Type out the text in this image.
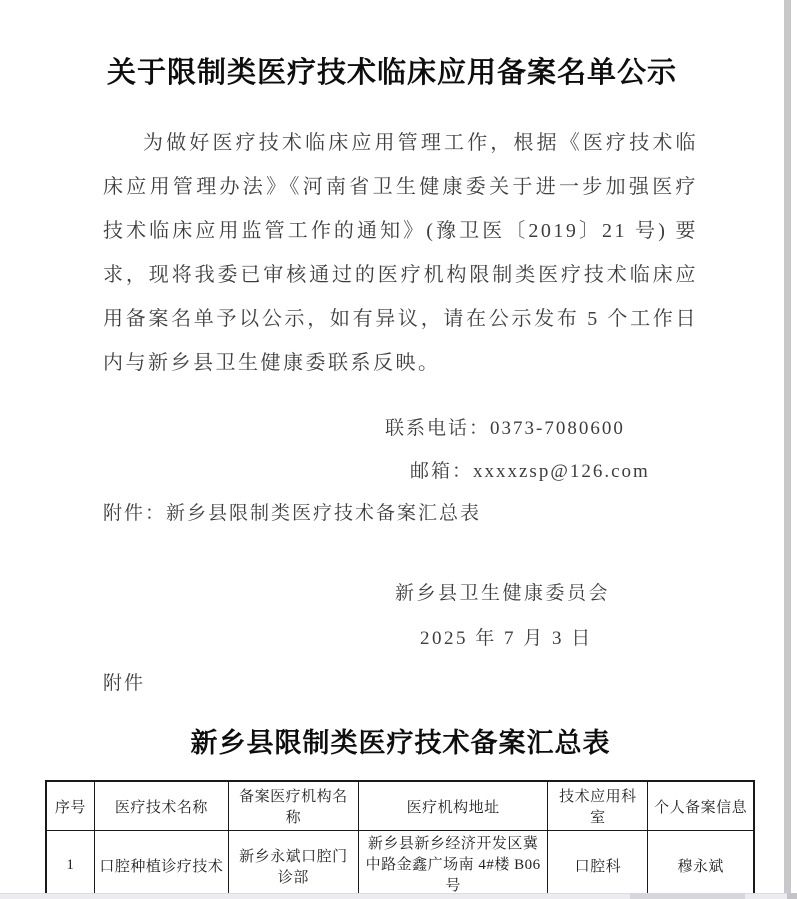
关于限制类医疗技术临床应用备案名单公示

为做好医疗技术临床应用管理工作，根据《医疗技术临床应用管理办法》《河南省卫生健康委关于进一步加强医疗技术临床应用监管工作的通知》(豫卫医〔2019〕21 号) 要求，现将我委已审核通过的医疗机构限制类医疗技术临床应用备案名单予以公示，如有异议，请在公示发布 5 个工作日内与新乡县卫生健康委联系反映。

联系电话：0373-7080600
邮箱：xxxxzsp@126.com
附件：新乡县限制类医疗技术备案汇总表
新乡县卫生健康委员会
2025 年 7 月 3 日
附件
新乡县限制类医疗技术备案汇总表
序号	医疗技术名称	备案医疗机构名称	医疗机构地址	技术应用科室	个人备案信息
1	口腔种植诊疗技术	新乡永斌口腔门诊部	新乡县新乡经济开发区冀中路金鑫广场南 4#楼 B06 号	口腔科	穆永斌
